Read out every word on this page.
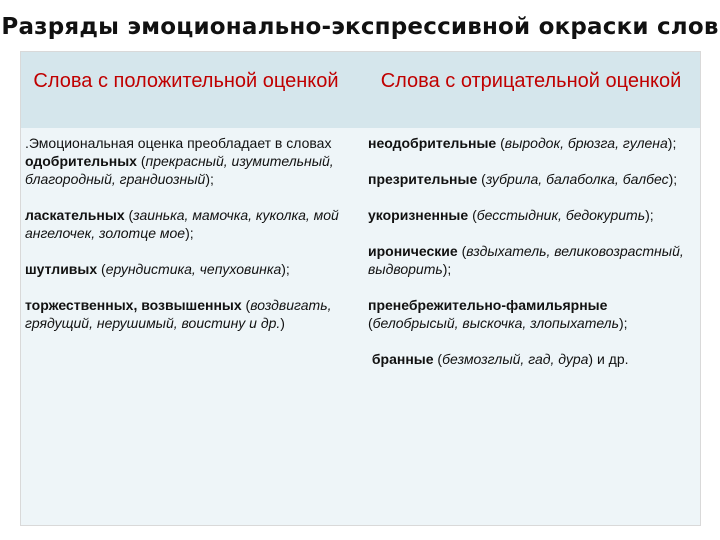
Разряды эмоционально-экспрессивной окраски слов
Слова с положительной оценкой	Слова с отрицательной оценкой
.Эмоциональная оценка преобладает в словах
одобрительных (прекрасный, изумительный, благородный, грандиозный);
ласкательных (заинька, мамочка, куколка, мой ангелочек, золотце мое);
шутливых (ерундистика, чепуховинка);
торжественных, возвышенных (воздвигать, грядущий, нерушимый, воистину и др.)
неодобрительные (выродок, брюзга, гулена);
презрительные (зубрила, балаболка, балбес);
укоризненные (бесстыдник, бедокурить);
иронические (вздыхатель, великовозрастный, выдворить);
пренебрежительно-фамильярные (белобрысый, выскочка, злопыхатель);
бранные (безмозглый, гад, дура) и др.
